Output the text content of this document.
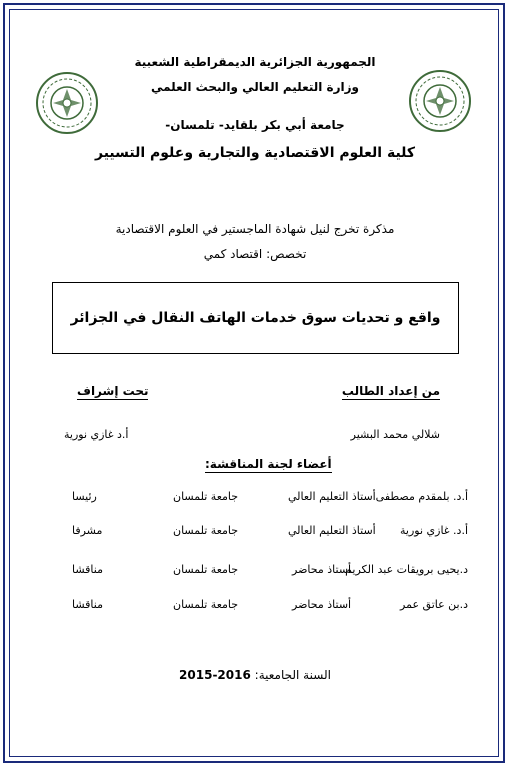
الجمهورية الجزائرية الديمقراطية الشعبية
وزارة التعليم العالي والبحث العلمي
جامعة أبي بكر بلقايد- تلمسان-
كلية العلوم الاقتصادية والتجارية وعلوم التسيير
مذكرة تخرج لنيل شهادة الماجستير في العلوم الاقتصادية
تخصص: اقتصاد كمي
واقع و تحديات سوق خدمات الهاتف النقال في الجزائر
من إعداد الطالب
تحت إشراف
شلالي محمد البشير
أ.د غازي نورية
أعضاء لجنة المناقشة:
أ.د. بلمقدم مصطفى
أستاذ التعليم العالي
جامعة تلمسان
رئيسا
أ.د. غازي نورية
أستاذ التعليم العالي
جامعة تلمسان
مشرفا
د.يحيى برويقات عبد الكريم
أستاذ محاضر
جامعة تلمسان
مناقشا
د.بن عاتق عمر
أستاذ محاضر
جامعة تلمسان
مناقشا
السنة الجامعية: 2015-2016
